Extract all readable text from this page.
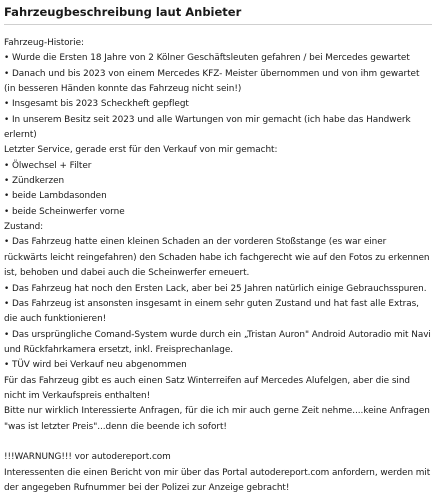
Fahrzeugbeschreibung laut Anbieter
Fahrzeug-Historie:
• Wurde die Ersten 18 Jahre von 2 Kölner Geschäftsleuten gefahren / bei Mercedes gewartet
• Danach und bis 2023 von einem Mercedes KFZ- Meister übernommen und von ihm gewartet (in besseren Händen konnte das Fahrzeug nicht sein!)
• Insgesamt bis 2023 Scheckheft gepflegt
• In unserem Besitz seit 2023 und alle Wartungen von mir gemacht (ich habe das Handwerk erlernt)
Letzter Service, gerade erst für den Verkauf von mir gemacht:
• Ölwechsel + Filter
• Zündkerzen
• beide Lambdasonden
• beide Scheinwerfer vorne
Zustand:
• Das Fahrzeug hatte einen kleinen Schaden an der vorderen Stoßstange (es war einer rückwärts leicht reingefahren) den Schaden habe ich fachgerecht wie auf den Fotos zu erkennen ist, behoben und dabei auch die Scheinwerfer erneuert.
• Das Fahrzeug hat noch den Ersten Lack, aber bei 25 Jahren natürlich einige Gebrauchsspuren.
• Das Fahrzeug ist ansonsten insgesamt in einem sehr guten Zustand und hat fast alle Extras, die auch funktionieren!
• Das ursprüngliche Comand-System wurde durch ein „Tristan Auron" Android Autoradio mit Navi und Rückfahrkamera ersetzt, inkl. Freisprechanlage.
• TÜV wird bei Verkauf neu abgenommen
Für das Fahrzeug gibt es auch einen Satz Winterreifen auf Mercedes Alufelgen, aber die sind nicht im Verkaufspreis enthalten!
Bitte nur wirklich Interessierte Anfragen, für die ich mir auch gerne Zeit nehme....keine Anfragen "was ist letzter Preis"...denn die beende ich sofort!
!!!WARNUNG!!! vor autodereport.com
Interessenten die einen Bericht von mir über das Portal autodereport.com anfordern, werden mit der angegeben Rufnummer bei der Polizei zur Anzeige gebracht!
